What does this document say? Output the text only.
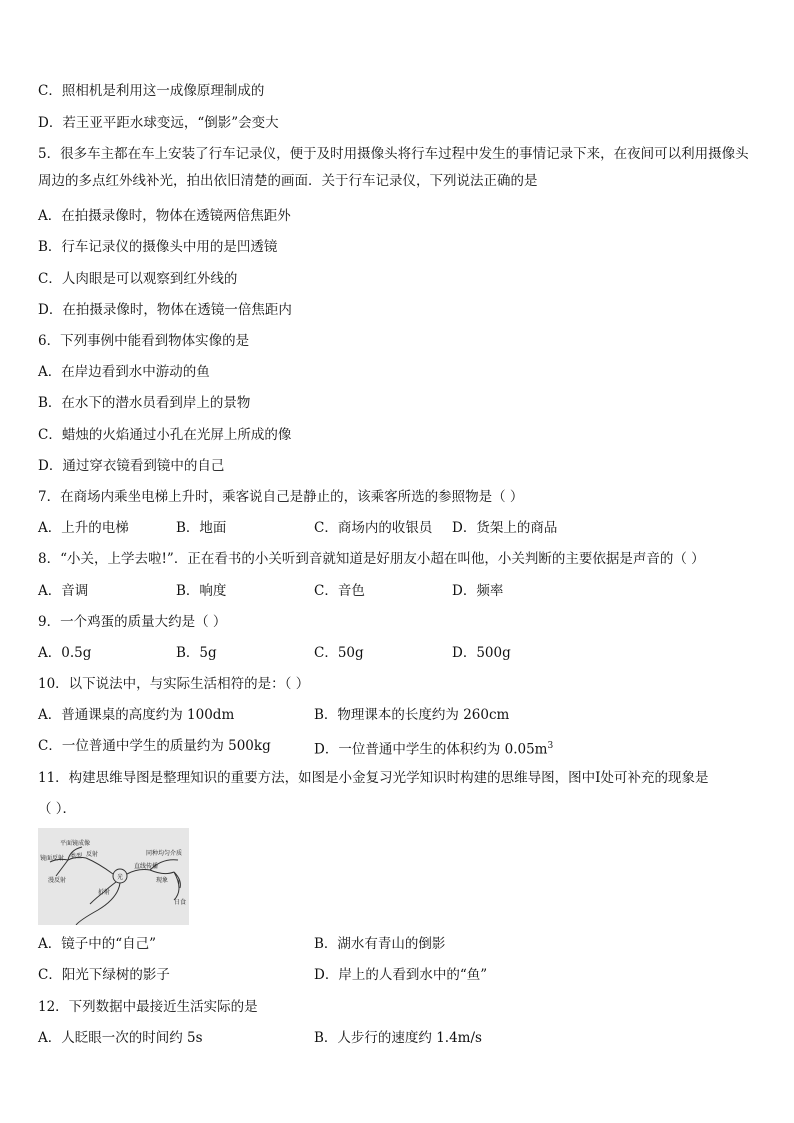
C．照相机是利用这一成像原理制成的
D．若王亚平距水球变远，“倒影”会变大
5．很多车主都在车上安装了行车记录仪，便于及时用摄像头将行车过程中发生的事情记录下来，在夜间可以利用摄像头周边的多点红外线补光，拍出依旧清楚的画面．关于行车记录仪，下列说法正确的是
A．在拍摄录像时，物体在透镜两倍焦距外
B．行车记录仪的摄像头中用的是凹透镜
C．人肉眼是可以观察到红外线的
D．在拍摄录像时，物体在透镜一倍焦距内
6．下列事例中能看到物体实像的是
A．在岸边看到水中游动的鱼
B．在水下的潜水员看到岸上的景物
C．蜡烛的火焰通过小孔在光屏上所成的像
D．通过穿衣镜看到镜中的自己
7．在商场内乘坐电梯上升时，乘客说自己是静止的，该乘客所选的参照物是（ ）
A．上升的电梯	B．地面	C．商场内的收银员 D．货架上的商品
8．“小关，上学去啦!”．正在看书的小关听到音就知道是好朋友小超在叫他，小关判断的主要依据是声音的（ ）
A．音调	B．响度	C．音色	D．频率
9．一个鸡蛋的质量大约是（ ）
A．0.5g	B．5g	C．50g	D．500g
10．以下说法中，与实际生活相符的是：（ ）
A．普通课桌的高度约为 100dm	B．物理课本的长度约为 260cm
C．一位普通中学生的质量约为 500kg	D．一位普通中学生的体积约为 $0.05m^3$
11．构建思维导图是整理知识的重要方法，如图是小金复习光学知识时构建的思维导图，图中Ⅰ处可补充的现象是
（ ）．
光
反射
折射
直线传播
类型
平面镜成像
镜面反射
漫反射
同种均匀介质
现象 Ⅰ
日食
A．镜子中的“自己”	B．湖水有青山的倒影
C．阳光下绿树的影子	D．岸上的人看到水中的“鱼”
12．下列数据中最接近生活实际的是
A．人眨眼一次的时间约 5s	B．人步行的速度约 1.4m/s
